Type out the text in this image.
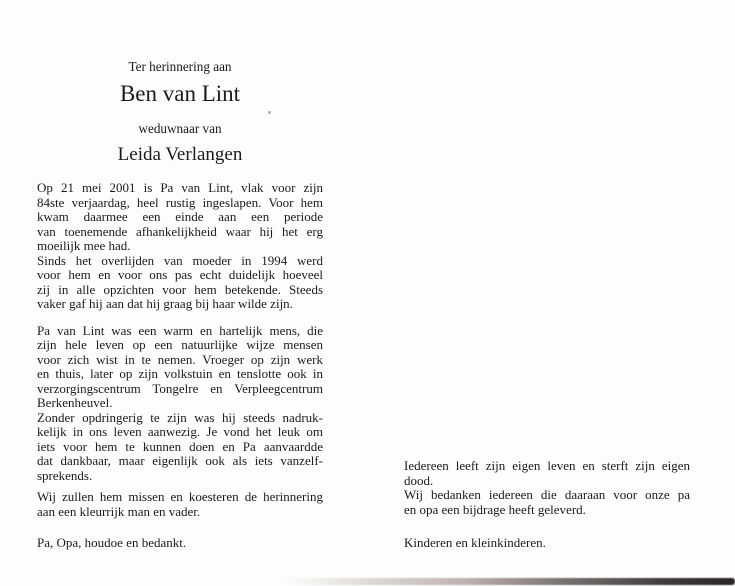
Ter herinnering aan
Ben van Lint
weduwnaar van
Leida Verlangen
Op 21 mei 2001 is Pa van Lint, vlak voor zijn
84ste verjaardag, heel rustig ingeslapen. Voor hem
kwam daarmee een einde aan een periode
van toenemende afhankelijkheid waar hij het erg
moeilijk mee had.
Sinds het overlijden van moeder in 1994 werd
voor hem en voor ons pas echt duidelijk hoeveel
zij in alle opzichten voor hem betekende. Steeds
vaker gaf hij aan dat hij graag bij haar wilde zijn.
Pa van Lint was een warm en hartelijk mens, die
zijn hele leven op een natuurlijke wijze mensen
voor zich wist in te nemen. Vroeger op zijn werk
en thuis, later op zijn volkstuin en tenslotte ook in
verzorgingscentrum Tongelre en Verpleegcentrum
Berkenheuvel.
Zonder opdringerig te zijn was hij steeds nadruk-
kelijk in ons leven aanwezig. Je vond het leuk om
iets voor hem te kunnen doen en Pa aanvaardde
dat dankbaar, maar eigenlijk ook als iets vanzelf-
sprekends.
Wij zullen hem missen en koesteren de herinnering
aan een kleurrijk man en vader.
Pa, Opa, houdoe en bedankt.
Iedereen leeft zijn eigen leven en sterft zijn eigen
dood.
Wij bedanken iedereen die daaraan voor onze pa
en opa een bijdrage heeft geleverd.
Kinderen en kleinkinderen.
